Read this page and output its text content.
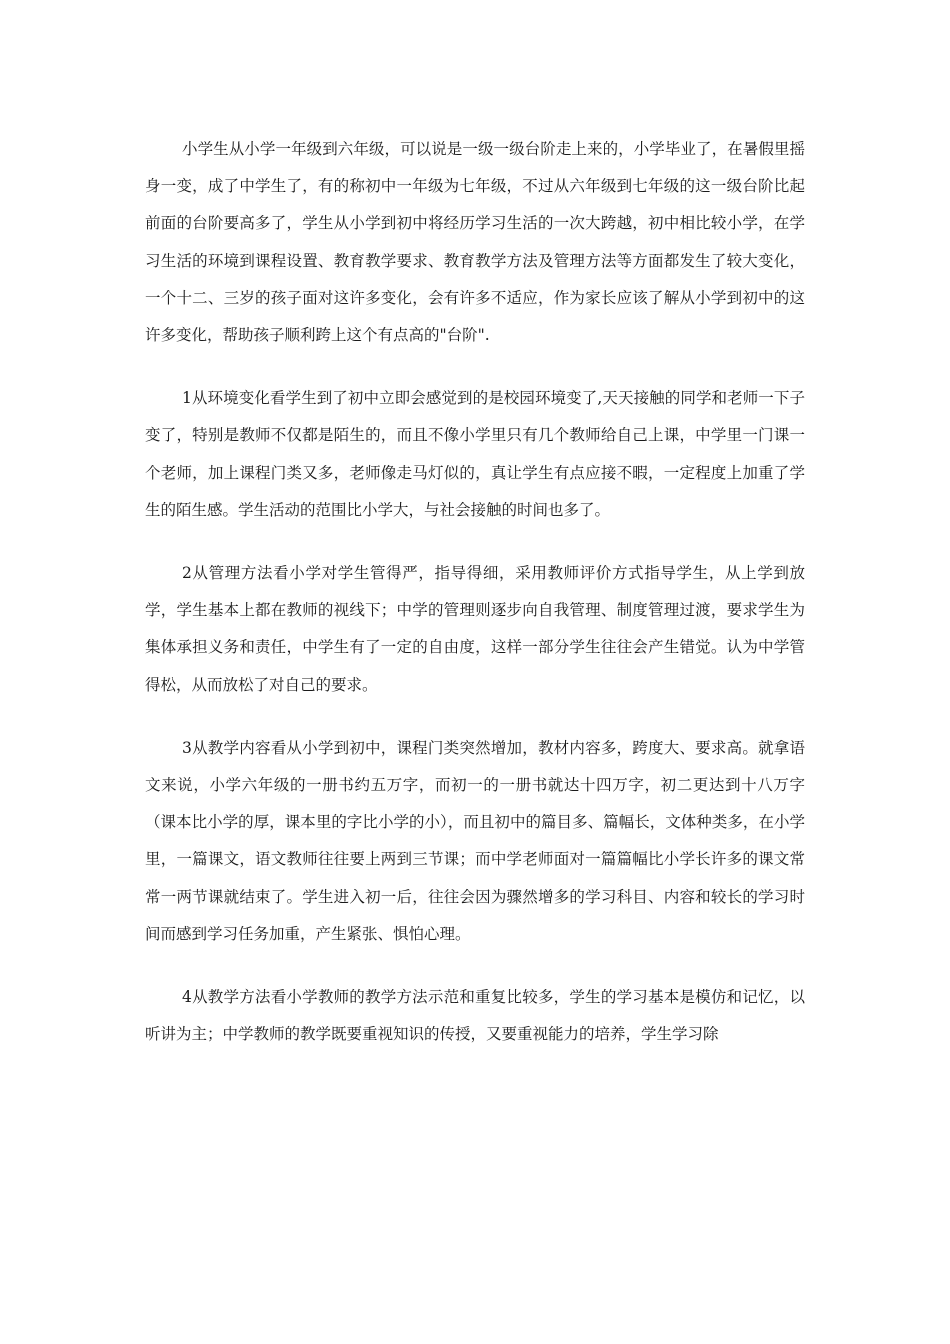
小学生从小学一年级到六年级，可以说是一级一级台阶走上来的，小学毕业了，在暑假里摇身一变，成了中学生了，有的称初中一年级为七年级，不过从六年级到七年级的这一级台阶比起前面的台阶要高多了，学生从小学到初中将经历学习生活的一次大跨越，初中相比较小学，在学习生活的环境到课程设置、教育教学要求、教育教学方法及管理方法等方面都发生了较大变化，一个十二、三岁的孩子面对这许多变化，会有许多不适应，作为家长应该了解从小学到初中的这许多变化，帮助孩子顺利跨上这个有点高的"台阶".

1从环境变化看学生到了初中立即会感觉到的是校园环境变了,天天接触的同学和老师一下子变了，特别是教师不仅都是陌生的，而且不像小学里只有几个教师给自己上课，中学里一门课一个老师，加上课程门类又多，老师像走马灯似的，真让学生有点应接不暇，一定程度上加重了学生的陌生感。学生活动的范围比小学大，与社会接触的时间也多了。

2从管理方法看小学对学生管得严，指导得细，采用教师评价方式指导学生，从上学到放学，学生基本上都在教师的视线下；中学的管理则逐步向自我管理、制度管理过渡，要求学生为集体承担义务和责任，中学生有了一定的自由度，这样一部分学生往往会产生错觉。认为中学管得松，从而放松了对自己的要求。

3从教学内容看从小学到初中，课程门类突然增加，教材内容多，跨度大、要求高。就拿语文来说，小学六年级的一册书约五万字，而初一的一册书就达十四万字，初二更达到十八万字（课本比小学的厚，课本里的字比小学的小），而且初中的篇目多、篇幅长，文体种类多，在小学里，一篇课文，语文教师往往要上两到三节课；而中学老师面对一篇篇幅比小学长许多的课文常常一两节课就结束了。学生进入初一后，往往会因为骤然增多的学习科目、内容和较长的学习时间而感到学习任务加重，产生紧张、惧怕心理。

4从教学方法看小学教师的教学方法示范和重复比较多，学生的学习基本是模仿和记忆，以听讲为主；中学教师的教学既要重视知识的传授，又要重视能力的培养，学生学习除
